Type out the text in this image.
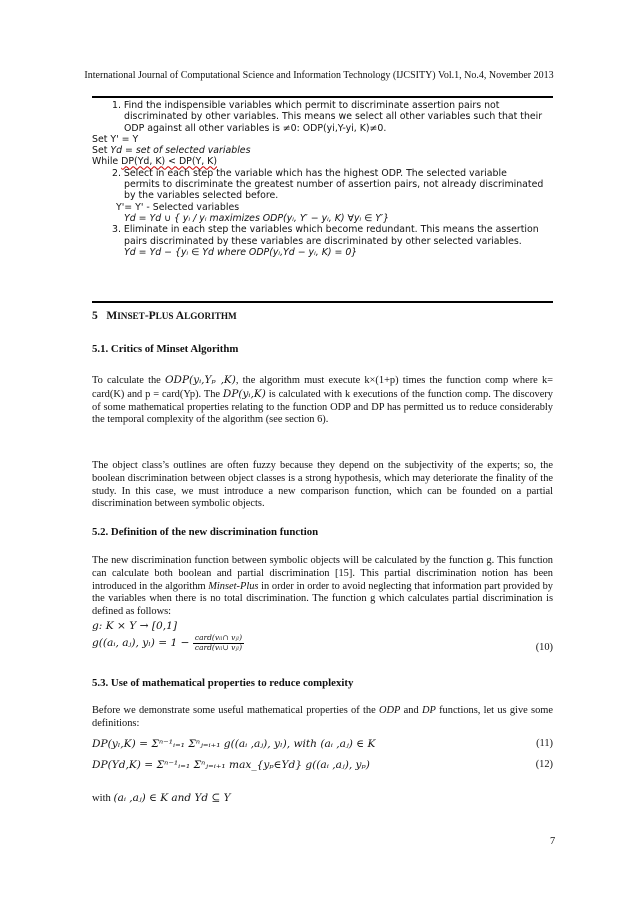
International Journal of Computational Science and Information Technology (IJCSITY) Vol.1, No.4, November 2013
1. Find the indispensible variables which permit to discriminate assertion pairs not
discriminated by other variables. This means we select all other variables such that their
ODP against all other variables is ≠0: ODP(yi,Y-yi, K)≠0.
Set Y' = Y
Set Yd = set of selected variables
While DP(Yd, K) < DP(Y, K)
2. Select in each step the variable which has the highest ODP. The selected variable
permits to discriminate the greatest number of assertion pairs, not already discriminated
by the variables selected before.
Y'= Y' - Selected variables
Yd = Yd ∪ { yᵢ / yᵢ maximizes ODP(yᵢ, Y′ − yᵢ, K) ∀yᵢ ∈ Y′}
3. Eliminate in each step the variables which become redundant. This means the assertion
pairs discriminated by these variables are discriminated by other selected variables.
Yd = Yd − {yᵢ ∈ Yd where ODP(yᵢ,Yd − yᵢ, K) = 0}
5 MINSET-PLUS ALGORITHM
5.1. Critics of Minset Algorithm
To calculate the ODP(yᵢ,Yₚ ,K), the algorithm must execute k×(1+p) times the function comp where k= card(K) and p = card(Yp). The DP(yᵢ,K) is calculated with k executions of the function comp. The discovery of some mathematical properties relating to the function ODP and DP has permitted us to reduce considerably the temporal complexity of the algorithm (see section 6).
The object class’s outlines are often fuzzy because they depend on the subjectivity of the experts; so, the boolean discrimination between object classes is a strong hypothesis, which may deteriorate the finality of the study. In this case, we must introduce a new comparison function, which can be founded on a partial discrimination between symbolic objects.
5.2. Definition of the new discrimination function
The new discrimination function between symbolic objects will be calculated by the function g. This function can calculate both boolean and partial discrimination [15]. This partial discrimination notion has been introduced in the algorithm Minset-Plus in order in order to avoid neglecting that information part provided by the variables when there is no total discrimination. The function g which calculates partial discrimination is defined as follows:
g: K × Y → [0,1]
g((aᵢ, aⱼ), $y_l) = 1 - \frac{\text{card(vᵢₗ∩ vⱼₗ)}}{\text{card(vᵢₗ∪ vⱼₗ)}}$	(10)
5.3. Use of mathematical properties to reduce complexity
Before we demonstrate some useful mathematical properties of the ODP and DP functions, let us give some definitions:
DP(yₗ,K) = Σⁿ⁻¹ᵢ₌₁ Σⁿⱼ₌ᵢ₊₁ g((aᵢ ,aⱼ), yₗ), with (aᵢ ,aⱼ) ∈ K	(11)
DP(Yd,K) = Σⁿ⁻¹ᵢ₌₁ Σⁿⱼ₌ᵢ₊₁ max_{yₚ∈Yd} g((aᵢ ,aⱼ), yₚ)	(12)
with (aᵢ ,aⱼ) ∈ K and Yd ⊆ Y
7
